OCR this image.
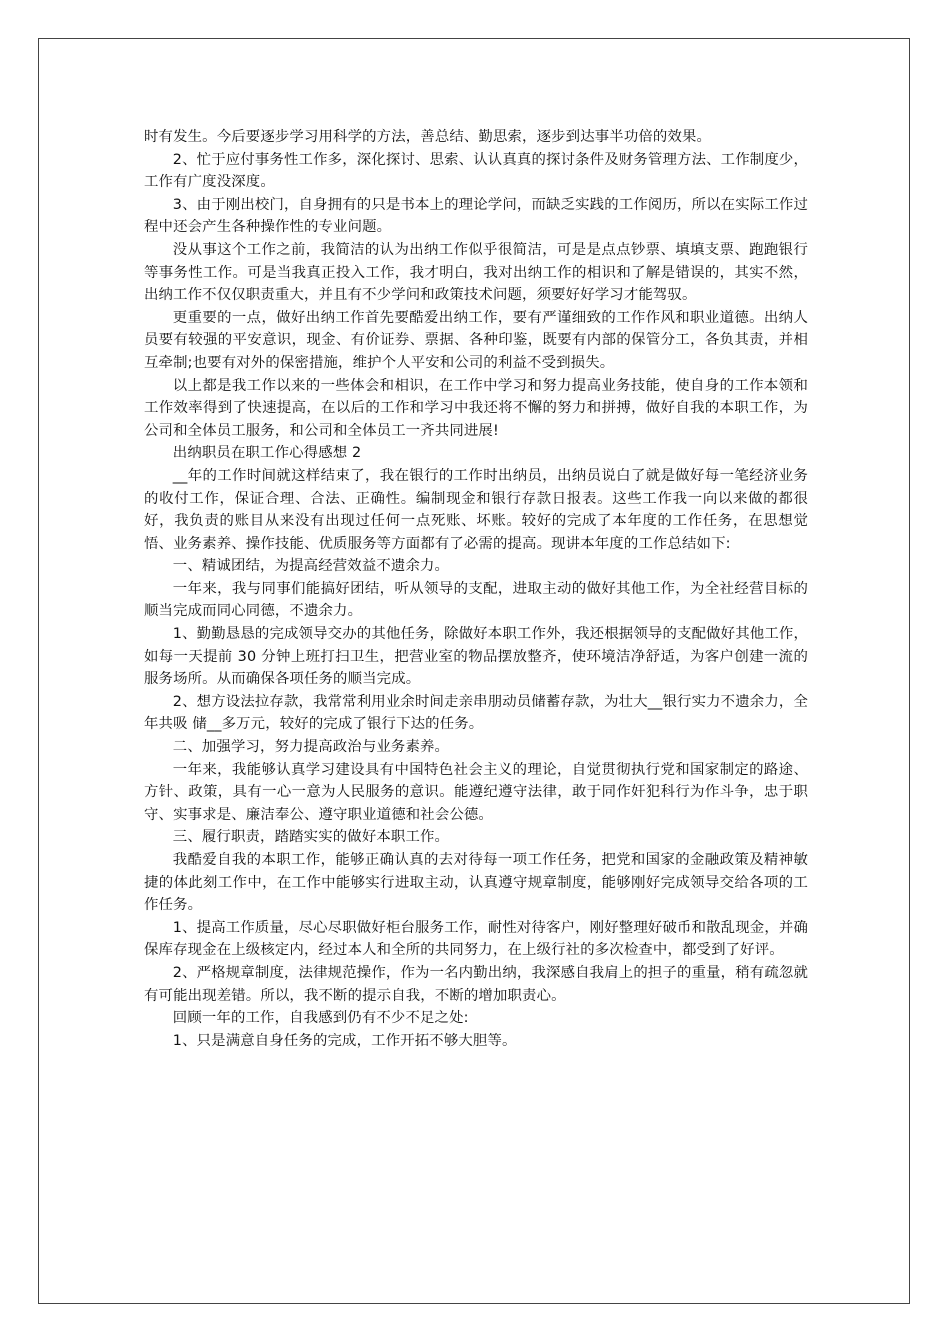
时有发生。今后要逐步学习用科学的方法，善总结、勤思索，逐步到达事半功倍的效果。

2、忙于应付事务性工作多，深化探讨、思索、认认真真的探讨条件及财务管理方法、工作制度少，工作有广度没深度。

3、由于刚出校门，自身拥有的只是书本上的理论学问，而缺乏实践的工作阅历，所以在实际工作过程中还会产生各种操作性的专业问题。

没从事这个工作之前，我简洁的认为出纳工作似乎很简洁，可是是点点钞票、填填支票、跑跑银行等事务性工作。可是当我真正投入工作，我才明白，我对出纳工作的相识和了解是错误的，其实不然，出纳工作不仅仅职责重大，并且有不少学问和政策技术问题，须要好好学习才能驾驭。

更重要的一点，做好出纳工作首先要酷爱出纳工作，要有严谨细致的工作作风和职业道德。出纳人员要有较强的平安意识，现金、有价证券、票据、各种印鉴，既要有内部的保管分工，各负其责，并相互牵制;也要有对外的保密措施，维护个人平安和公司的利益不受到损失。

以上都是我工作以来的一些体会和相识，在工作中学习和努力提高业务技能，使自身的工作本领和工作效率得到了快速提高，在以后的工作和学习中我还将不懈的努力和拼搏，做好自我的本职工作，为公司和全体员工服务，和公司和全体员工一齐共同进展!

出纳职员在职工作心得感想 2

__年的工作时间就这样结束了，我在银行的工作时出纳员，出纳员说白了就是做好每一笔经济业务的收付工作，保证合理、合法、正确性。编制现金和银行存款日报表。这些工作我一向以来做的都很好，我负责的账目从来没有出现过任何一点死账、坏账。较好的完成了本年度的工作任务，在思想觉悟、业务素养、操作技能、优质服务等方面都有了必需的提高。现讲本年度的工作总结如下:

一、精诚团结，为提高经营效益不遗余力。

一年来，我与同事们能搞好团结，听从领导的支配，进取主动的做好其他工作，为全社经营目标的顺当完成而同心同德，不遗余力。

1、勤勤恳恳的完成领导交办的其他任务，除做好本职工作外，我还根据领导的支配做好其他工作，如每一天提前 30 分钟上班打扫卫生，把营业室的物品摆放整齐，使环境洁净舒适，为客户创建一流的服务场所。从而确保各项任务的顺当完成。

2、想方设法拉存款，我常常利用业余时间走亲串朋动员储蓄存款，为壮大__银行实力不遗余力，全年共吸 储__多万元，较好的完成了银行下达的任务。

二、加强学习，努力提高政治与业务素养。

一年来，我能够认真学习建设具有中国特色社会主义的理论，自觉贯彻执行党和国家制定的路途、方针、政策，具有一心一意为人民服务的意识。能遵纪遵守法律，敢于同作奸犯科行为作斗争，忠于职守、实事求是、廉洁奉公、遵守职业道德和社会公德。

三、履行职责，踏踏实实的做好本职工作。

我酷爱自我的本职工作，能够正确认真的去对待每一项工作任务，把党和国家的金融政策及精神敏捷的体此刻工作中，在工作中能够实行进取主动，认真遵守规章制度，能够刚好完成领导交给各项的工作任务。

1、提高工作质量，尽心尽职做好柜台服务工作，耐性对待客户，刚好整理好破币和散乱现金，并确保库存现金在上级核定内，经过本人和全所的共同努力，在上级行社的多次检查中，都受到了好评。

2、严格规章制度，法律规范操作，作为一名内勤出纳，我深感自我肩上的担子的重量，稍有疏忽就有可能出现差错。所以，我不断的提示自我，不断的增加职责心。

回顾一年的工作，自我感到仍有不少不足之处:

1、只是满意自身任务的完成，工作开拓不够大胆等。
